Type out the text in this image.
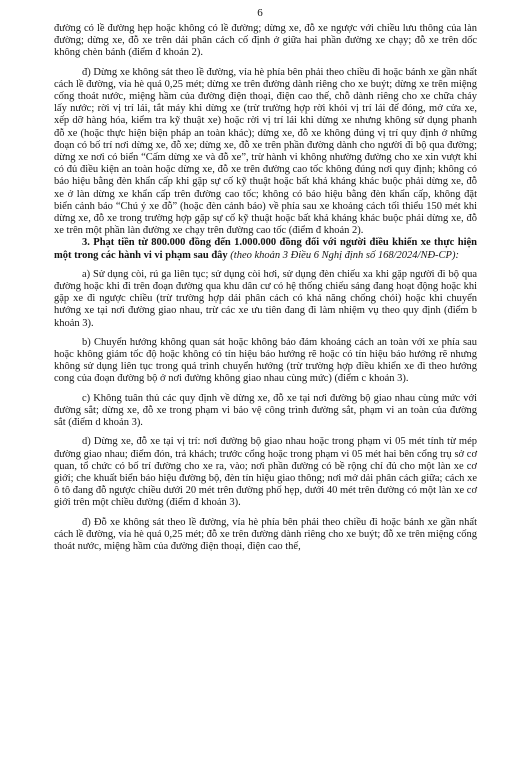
6

đường có lề đường hẹp hoặc không có lề đường; dừng xe, đỗ xe ngược với chiều lưu thông của làn đường; dừng xe, đỗ xe trên dải phân cách cố định ở giữa hai phần đường xe chạy; đỗ xe trên dốc không chèn bánh (điểm đ khoản 2).

đ) Dừng xe không sát theo lề đường, vỉa hè phía bên phải theo chiều đi hoặc bánh xe gần nhất cách lề đường, vỉa hè quá 0,25 mét; dừng xe trên đường dành riêng cho xe buýt; dừng xe trên miệng cống thoát nước, miệng hầm của đường điện thoại, điện cao thế, chỗ dành riêng cho xe chữa cháy lấy nước; rời vị trí lái, tắt máy khi dừng xe (trừ trường hợp rời khỏi vị trí lái để đóng, mở cửa xe, xếp dỡ hàng hóa, kiểm tra kỹ thuật xe) hoặc rời vị trí lái khi dừng xe nhưng không sử dụng phanh đỗ xe (hoặc thực hiện biện pháp an toàn khác); dừng xe, đỗ xe không đúng vị trí quy định ở những đoạn có bố trí nơi dừng xe, đỗ xe; dừng xe, đỗ xe trên phần đường dành cho người đi bộ qua đường; dừng xe nơi có biển “Cấm dừng xe và đỗ xe”, trừ hành vi không nhường đường cho xe xin vượt khi có đủ điều kiện an toàn hoặc dừng xe, đỗ xe trên đường cao tốc không đúng nơi quy định; không có báo hiệu bằng đèn khẩn cấp khi gặp sự cố kỹ thuật hoặc bất khả kháng khác buộc phải dừng xe, đỗ xe ở làn dừng xe khẩn cấp trên đường cao tốc; không có báo hiệu bằng đèn khẩn cấp, không đặt biển cảnh báo “Chú ý xe đỗ” (hoặc đèn cảnh báo) về phía sau xe khoảng cách tối thiểu 150 mét khi dừng xe, đỗ xe trong trường hợp gặp sự cố kỹ thuật hoặc bất khả kháng khác buộc phải dừng xe, đỗ xe trên một phần làn đường xe chạy trên đường cao tốc (điểm đ khoản 2).

3. Phạt tiền từ 800.000 đồng đến 1.000.000 đồng đối với người điều khiển xe thực hiện một trong các hành vi vi phạm sau đây (theo khoản 3 Điều 6 Nghị định số 168/2024/NĐ-CP):

a) Sử dụng còi, rú ga liên tục; sử dụng còi hơi, sử dụng đèn chiếu xa khi gặp người đi bộ qua đường hoặc khi đi trên đoạn đường qua khu dân cư có hệ thống chiếu sáng đang hoạt động hoặc khi gặp xe đi ngược chiều (trừ trường hợp dải phân cách có khả năng chống chói) hoặc khi chuyển hướng xe tại nơi đường giao nhau, trừ các xe ưu tiên đang đi làm nhiệm vụ theo quy định (điểm b khoản 3).

b) Chuyển hướng không quan sát hoặc không bảo đảm khoảng cách an toàn với xe phía sau hoặc không giảm tốc độ hoặc không có tín hiệu báo hướng rẽ hoặc có tín hiệu báo hướng rẽ nhưng không sử dụng liên tục trong quá trình chuyển hướng (trừ trường hợp điều khiển xe đi theo hướng cong của đoạn đường bộ ở nơi đường không giao nhau cùng mức) (điểm c khoản 3).

c) Không tuân thủ các quy định về dừng xe, đỗ xe tại nơi đường bộ giao nhau cùng mức với đường sắt; dừng xe, đỗ xe trong phạm vi bảo vệ công trình đường sắt, phạm vi an toàn của đường sắt (điểm d khoản 3).

d) Dừng xe, đỗ xe tại vị trí: nơi đường bộ giao nhau hoặc trong phạm vi 05 mét tính từ mép đường giao nhau; điểm đón, trả khách; trước cổng hoặc trong phạm vi 05 mét hai bên cổng trụ sở cơ quan, tổ chức có bố trí đường cho xe ra, vào; nơi phần đường có bề rộng chỉ đủ cho một làn xe cơ giới; che khuất biển báo hiệu đường bộ, đèn tín hiệu giao thông; nơi mở dải phân cách giữa; cách xe ô tô đang đỗ ngược chiều dưới 20 mét trên đường phố hẹp, dưới 40 mét trên đường có một làn xe cơ giới trên một chiều đường (điểm đ khoản 3).

đ) Đỗ xe không sát theo lề đường, vỉa hè phía bên phải theo chiều đi hoặc bánh xe gần nhất cách lề đường, vỉa hè quá 0,25 mét; đỗ xe trên đường dành riêng cho xe buýt; đỗ xe trên miệng cống thoát nước, miệng hầm của đường điện thoại, điện cao thế,
